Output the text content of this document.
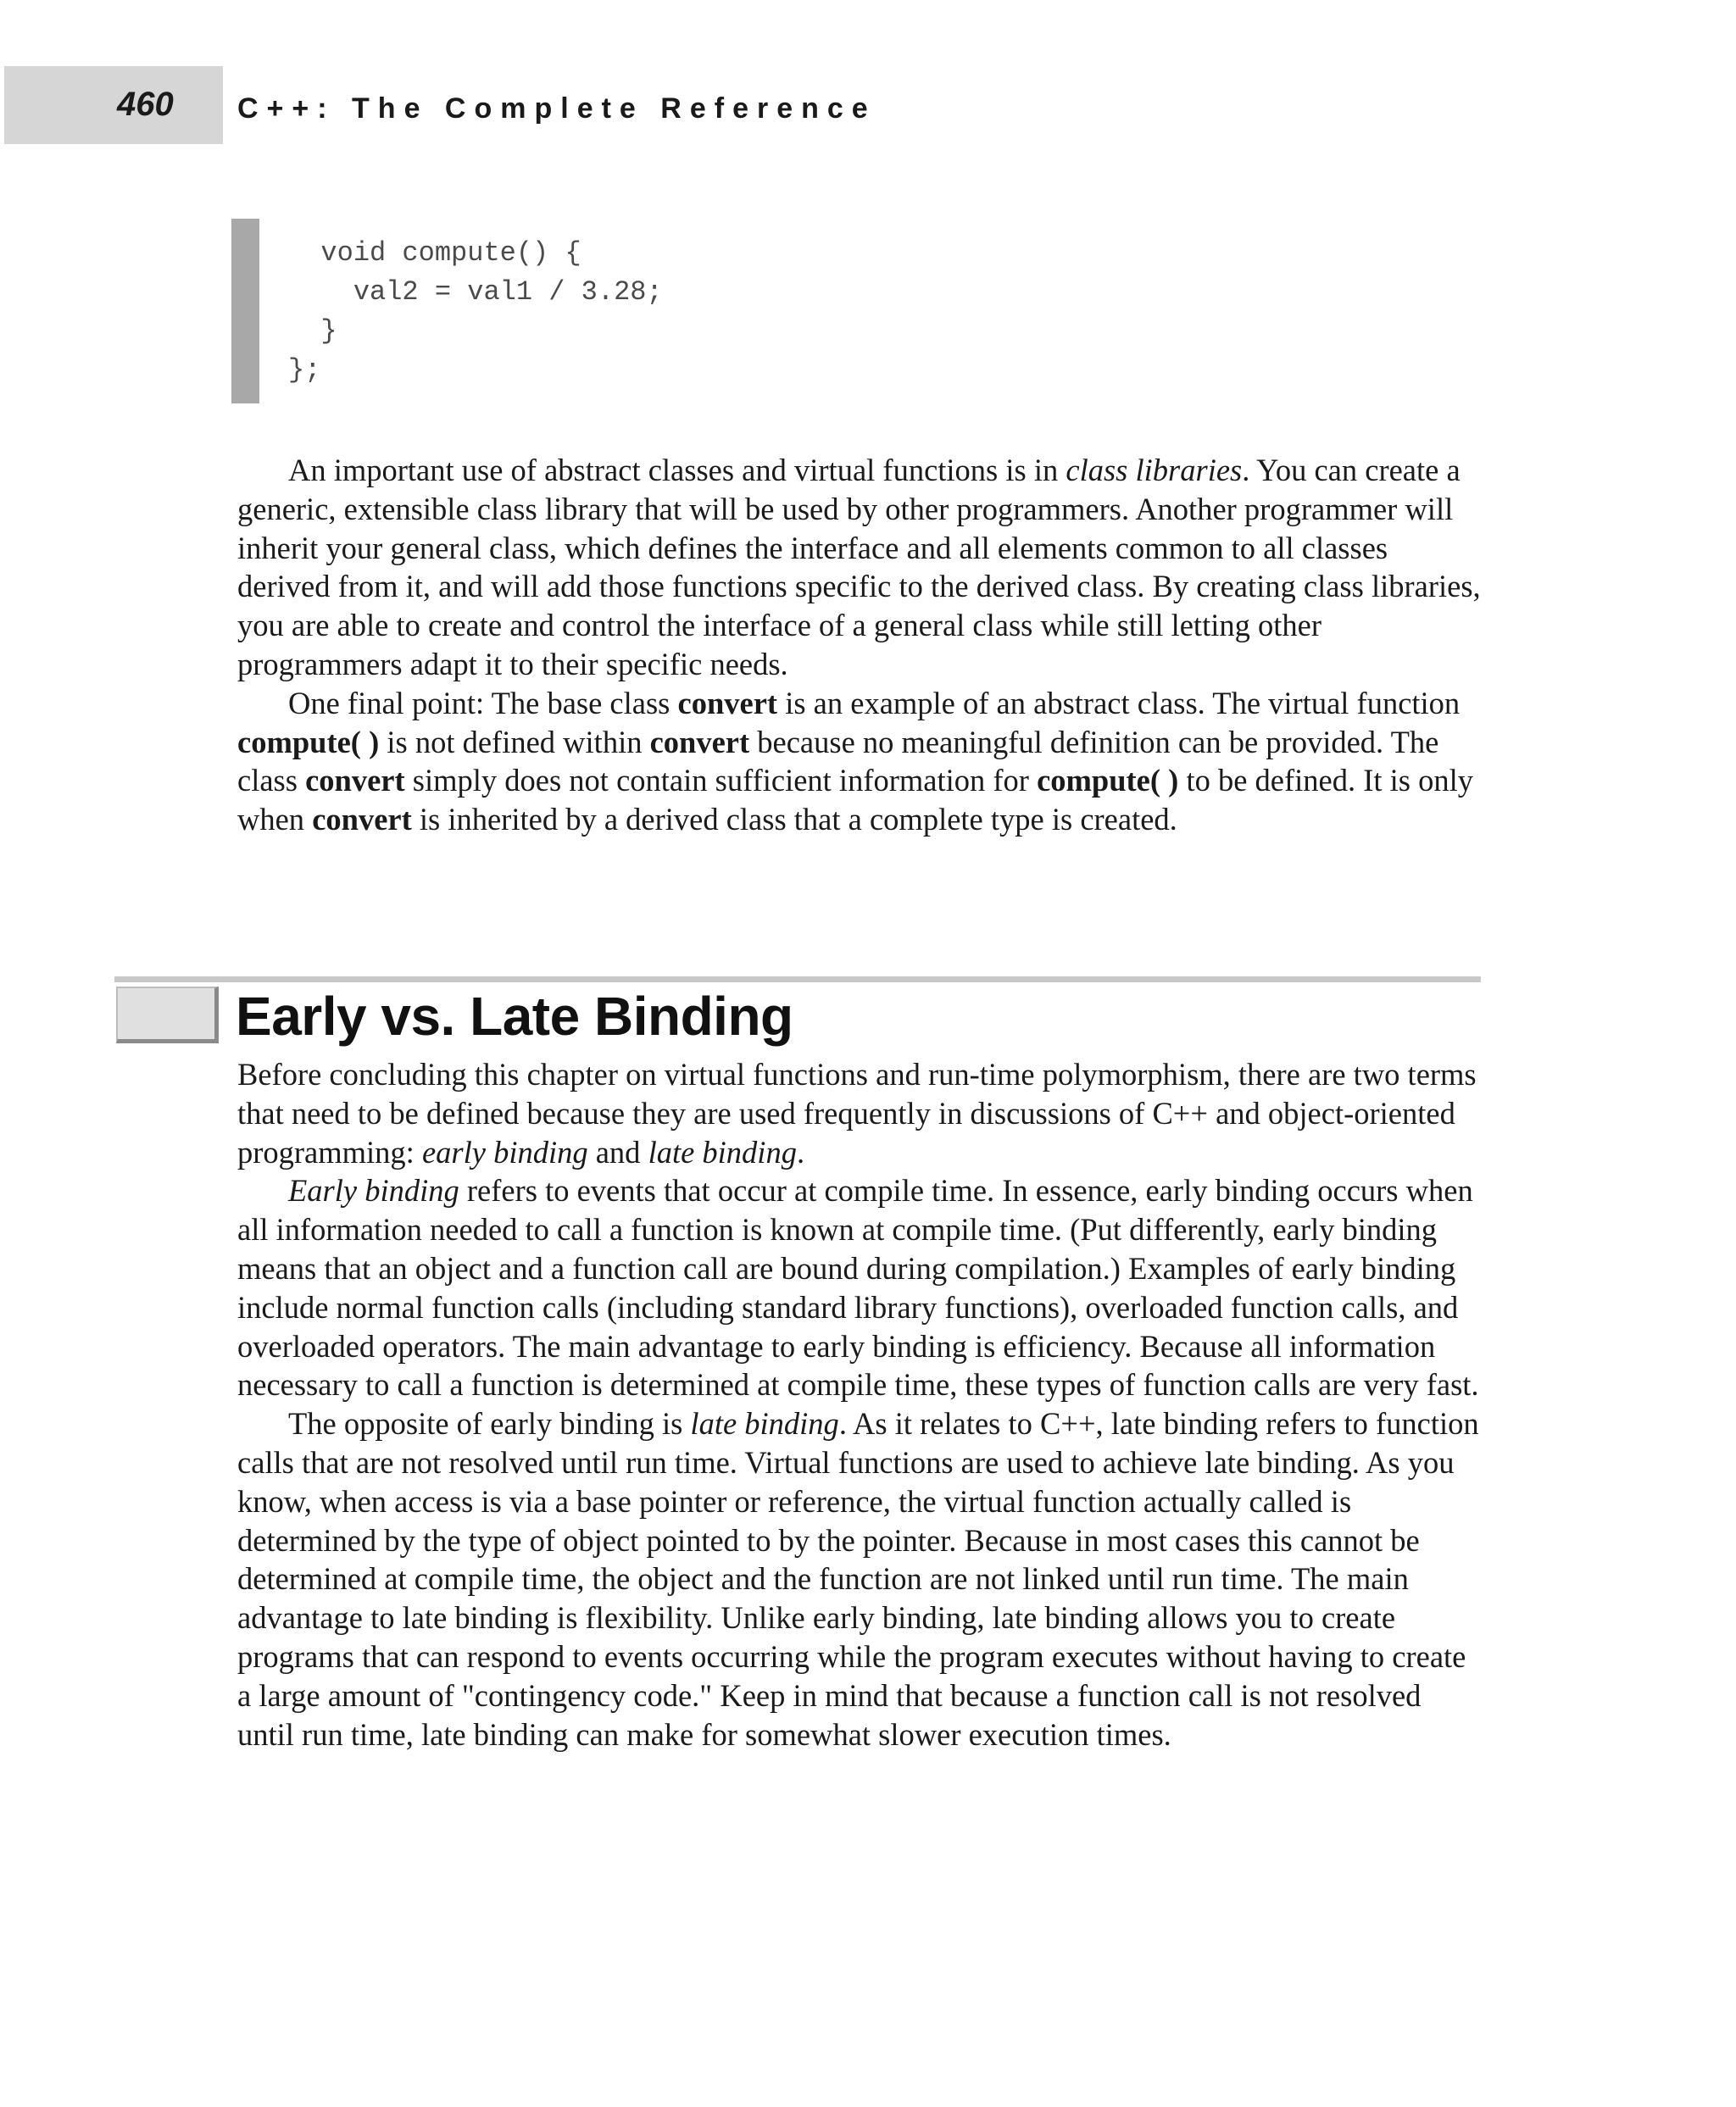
460 C++: The Complete Reference
void compute() {
val2 = val1 / 3.28;
}
};

An important use of abstract classes and virtual functions is in class libraries. You can create a generic, extensible class library that will be used by other programmers. Another programmer will inherit your general class, which defines the interface and all elements common to all classes derived from it, and will add those functions specific to the derived class. By creating class libraries, you are able to create and control the interface of a general class while still letting other programmers adapt it to their specific needs.

One final point: The base class convert is an example of an abstract class. The virtual function compute( ) is not defined within convert because no meaningful definition can be provided. The class convert simply does not contain sufficient information for compute( ) to be defined. It is only when convert is inherited by a derived class that a complete type is created.

Early vs. Late Binding

Before concluding this chapter on virtual functions and run-time polymorphism, there are two terms that need to be defined because they are used frequently in discussions of C++ and object-oriented programming: early binding and late binding.

Early binding refers to events that occur at compile time. In essence, early binding occurs when all information needed to call a function is known at compile time. (Put differently, early binding means that an object and a function call are bound during compilation.) Examples of early binding include normal function calls (including standard library functions), overloaded function calls, and overloaded operators. The main advantage to early binding is efficiency. Because all information necessary to call a function is determined at compile time, these types of function calls are very fast.

The opposite of early binding is late binding. As it relates to C++, late binding refers to function calls that are not resolved until run time. Virtual functions are used to achieve late binding. As you know, when access is via a base pointer or reference, the virtual function actually called is determined by the type of object pointed to by the pointer. Because in most cases this cannot be determined at compile time, the object and the function are not linked until run time. The main advantage to late binding is flexibility. Unlike early binding, late binding allows you to create programs that can respond to events occurring while the program executes without having to create a large amount of "contingency code." Keep in mind that because a function call is not resolved until run time, late binding can make for somewhat slower execution times.
